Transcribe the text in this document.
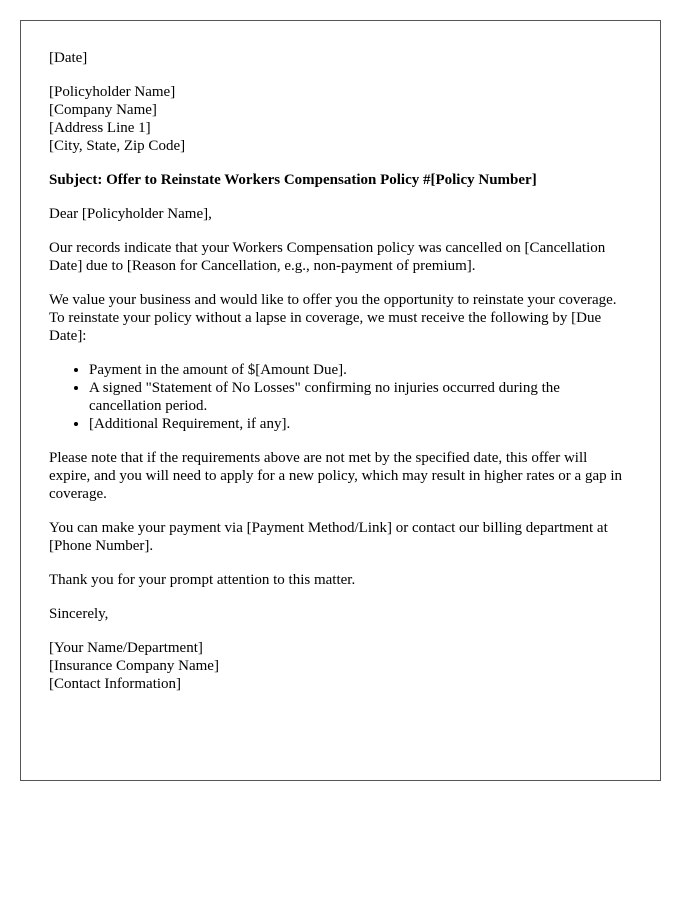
[Date]
[Policyholder Name]
[Company Name]
[Address Line 1]
[City, State, Zip Code]

Subject: Offer to Reinstate Workers Compensation Policy #[Policy Number]

Dear [Policyholder Name],

Our records indicate that your Workers Compensation policy was cancelled on [Cancellation Date] due to [Reason for Cancellation, e.g., non-payment of premium].

We value your business and would like to offer you the opportunity to reinstate your coverage. To reinstate your policy without a lapse in coverage, we must receive the following by [Due Date]:

• Payment in the amount of $[Amount Due].
• A signed "Statement of No Losses" confirming no injuries occurred during the cancellation period.
• [Additional Requirement, if any].

Please note that if the requirements above are not met by the specified date, this offer will expire, and you will need to apply for a new policy, which may result in higher rates or a gap in coverage.

You can make your payment via [Payment Method/Link] or contact our billing department at [Phone Number].

Thank you for your prompt attention to this matter.

Sincerely,

[Your Name/Department]
[Insurance Company Name]
[Contact Information]
